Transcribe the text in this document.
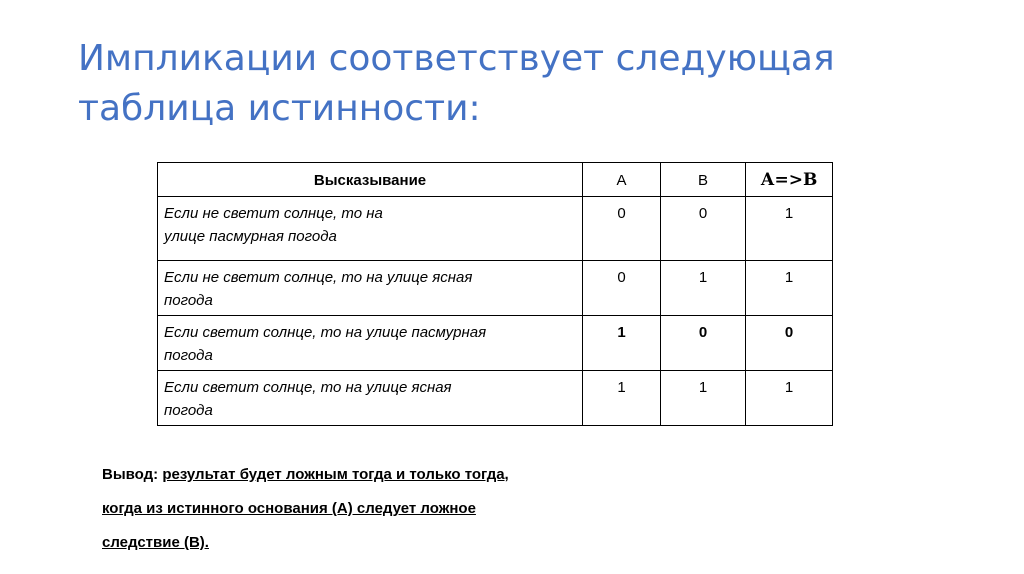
Импликации соответствует следующая
таблица истинности:
Высказывание	А	В	А=>В

Если не светит солнце, то на
улице пасмурная погода	0	0	1

Если не светит солнце, то на улице ясная
погода	0	1	1

Если светит солнце, то на улице пасмурная
погода	1	0	0

Если светит солнце, то на улице ясная
погода	1	1	1
Вывод: результат будет ложным тогда и только тогда,
когда из истинного основания (А) следует ложное
следствие (В).
